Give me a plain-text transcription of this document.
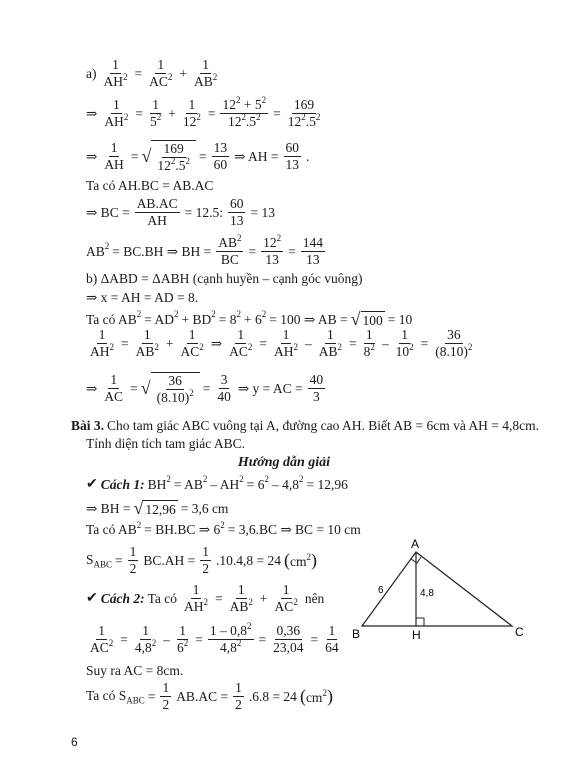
$a) \frac{1}{AH^2} = \frac{1}{AC^2} + \frac{1}{AB^2}$
⇒ $\frac{1}{AH^2} = \frac{1}{5^2} + \frac{1}{12^2} = \frac{12^2 + 5^2}{12^2.5^2} = \frac{169}{12^2.5^2}$
⇒ $\frac{1}{AH}$ = √ $\frac{169}{12^2.5^2} = \frac{13}{60}$ ⇒ AH = $\frac{60}{13}$ .
Ta có AH.BC = AB.AC
⇒ BC = $\frac{AB.AC}{AH} = 12.5$: $\frac{60}{13} = 13$
$AB^2 = BC.BH$ ⇒ BH = $\frac{AB^2}{BC} = \frac{12^2}{13} = \frac{144}{13}$
b) ΔABD = ΔABH (cạnh huyền – cạnh góc vuông)
⇒ x = AH = AD = 8.
Ta có $AB^2 = AD^2 + BD^2 = 8^2 + 6^2 = 100$ ⇒ AB = √ 100 = 10
$\frac{1}{AH^2} = \frac{1}{AB^2} + \frac{1}{AC^2}$ ⇒ $\frac{1}{AC^2} = \frac{1}{AH^2} - \frac{1}{AB^2} = \frac{1}{8^2} - \frac{1}{10^2} = \frac{36}{(8.10)^2}$
⇒ $\frac{1}{AC}$ = √ $\frac{36}{(8.10)^2} = \frac{3}{40}$ ⇒ y = AC = $\frac{40}{3}$
Bài 3. Cho tam giác ABC vuông tại A, đường cao AH. Biết AB = 6cm và AH = 4,8cm.
Tính diện tích tam giác ABC.
Hướng dẫn giải
✔ Cách 1: $BH^2 = AB^2 - AH^2 = 6^2 - 4,8^2 = 12,96$
⇒ BH = √ 12,96 = 3,6 cm
Ta có $AB^2 = BH.BC$ ⇒ $6^2 = 3,6.BC$ ⇒ BC = 10 cm
$S_{ABC} = \frac{1}{2} BC.AH = \frac{1}{2} .10.4,8 = 24$ $(cm^2)$
✔ Cách 2: Ta có $\frac{1}{AH^2} = \frac{1}{AB^2} + \frac{1}{AC^2}$ nên
$\frac{1}{AC^2} = \frac{1}{4,8^2} - \frac{1}{6^2} = \frac{1 - 0,8^2}{4,8^2} = \frac{0,36}{23,04} = \frac{1}{64}$
Suy ra AC = 8cm.
Ta có $S_{ABC} = \frac{1}{2} AB.AC = \frac{1}{2} .6.8 = 24$ $(cm^2)$
A
B	C
H
6	4,8
6
